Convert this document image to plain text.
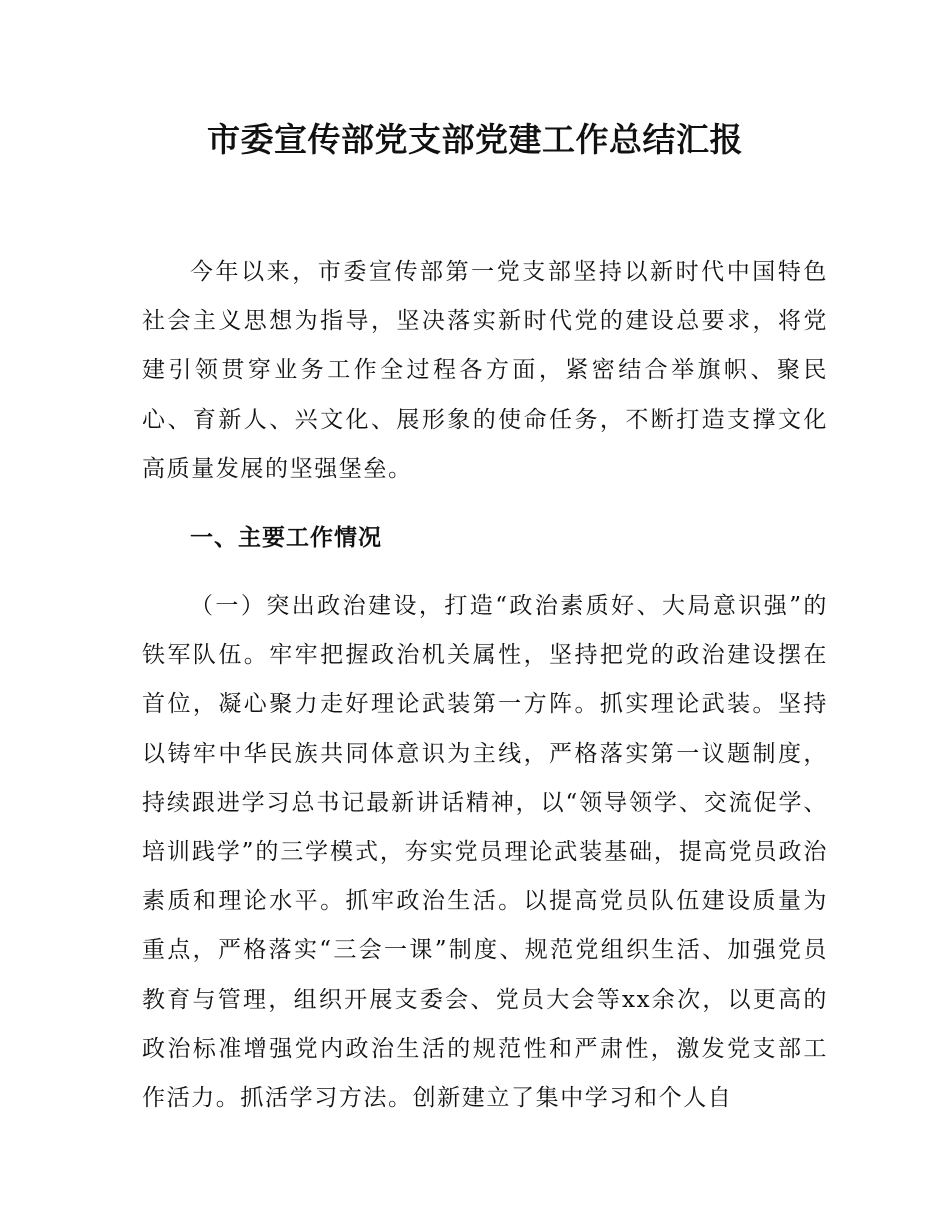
市委宣传部党支部党建工作总结汇报

今年以来，市委宣传部第一党支部坚持以新时代中国特色社会主义思想为指导，坚决落实新时代党的建设总要求，将党建引领贯穿业务工作全过程各方面，紧密结合举旗帜、聚民心、育新人、兴文化、展形象的使命任务，不断打造支撑文化高质量发展的坚强堡垒。

一、主要工作情况

（一）突出政治建设，打造“政治素质好、大局意识强”的铁军队伍。牢牢把握政治机关属性，坚持把党的政治建设摆在首位，凝心聚力走好理论武装第一方阵。抓实理论武装。坚持以铸牢中华民族共同体意识为主线，严格落实第一议题制度，持续跟进学习总书记最新讲话精神，以“领导领学、交流促学、培训践学”的三学模式，夯实党员理论武装基础，提高党员政治素质和理论水平。抓牢政治生活。以提高党员队伍建设质量为重点，严格落实“三会一课”制度、规范党组织生活、加强党员教育与管理，组织开展支委会、党员大会等xx余次，以更高的政治标准增强党内政治生活的规范性和严肃性，激发党支部工作活力。抓活学习方法。创新建立了集中学习和个人自
